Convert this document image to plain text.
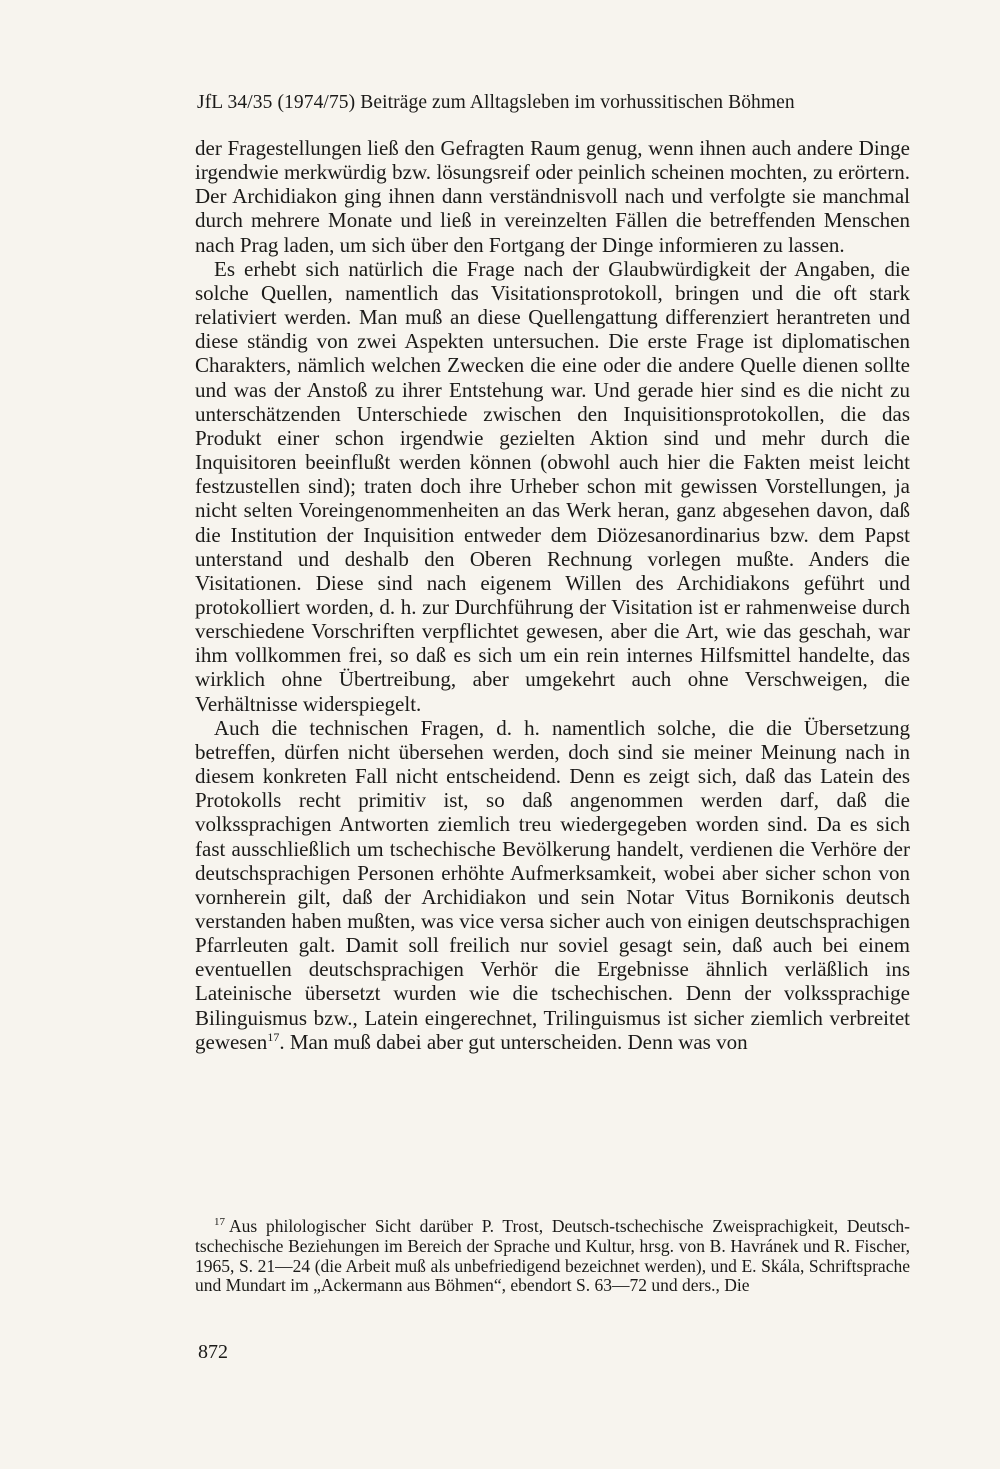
JfL 34/35 (1974/75) Beiträge zum Alltagsleben im vorhussitischen Böhmen

der Fragestellungen ließ den Gefragten Raum genug, wenn ihnen auch andere Dinge irgendwie merkwürdig bzw. lösungsreif oder peinlich scheinen mochten, zu erörtern. Der Archidiakon ging ihnen dann verständnisvoll nach und verfolgte sie manchmal durch mehrere Monate und ließ in vereinzelten Fällen die betreffenden Menschen nach Prag laden, um sich über den Fortgang der Dinge informieren zu lassen.

Es erhebt sich natürlich die Frage nach der Glaubwürdigkeit der Angaben, die solche Quellen, namentlich das Visitationsprotokoll, bringen und die oft stark relativiert werden. Man muß an diese Quellengattung differenziert herantreten und diese ständig von zwei Aspekten untersuchen. Die erste Frage ist diplomatischen Charakters, nämlich welchen Zwecken die eine oder die andere Quelle dienen sollte und was der Anstoß zu ihrer Entstehung war. Und gerade hier sind es die nicht zu unterschätzenden Unterschiede zwischen den Inquisitionsprotokollen, die das Produkt einer schon irgendwie gezielten Aktion sind und mehr durch die Inquisitoren beeinflußt werden können (obwohl auch hier die Fakten meist leicht festzustellen sind); traten doch ihre Urheber schon mit gewissen Vorstellungen, ja nicht selten Voreingenommenheiten an das Werk heran, ganz abgesehen davon, daß die Institution der Inquisition entweder dem Diözesanordinarius bzw. dem Papst unterstand und deshalb den Oberen Rechnung vorlegen mußte. Anders die Visitationen. Diese sind nach eigenem Willen des Archidiakons geführt und protokolliert worden, d. h. zur Durchführung der Visitation ist er rahmenweise durch verschiedene Vorschriften verpflichtet gewesen, aber die Art, wie das geschah, war ihm vollkommen frei, so daß es sich um ein rein internes Hilfsmittel handelte, das wirklich ohne Übertreibung, aber umgekehrt auch ohne Verschweigen, die Verhältnisse widerspiegelt.

Auch die technischen Fragen, d. h. namentlich solche, die die Übersetzung betreffen, dürfen nicht übersehen werden, doch sind sie meiner Meinung nach in diesem konkreten Fall nicht entscheidend. Denn es zeigt sich, daß das Latein des Protokolls recht primitiv ist, so daß angenommen werden darf, daß die volkssprachigen Antworten ziemlich treu wiedergegeben worden sind. Da es sich fast ausschließlich um tschechische Bevölkerung handelt, verdienen die Verhöre der deutschsprachigen Personen erhöhte Aufmerksamkeit, wobei aber sicher schon von vornherein gilt, daß der Archidiakon und sein Notar Vitus Bornikonis deutsch verstanden haben mußten, was vice versa sicher auch von einigen deutschsprachigen Pfarrleuten galt. Damit soll freilich nur soviel gesagt sein, daß auch bei einem eventuellen deutschsprachigen Verhör die Ergebnisse ähnlich verläßlich ins Lateinische übersetzt wurden wie die tschechischen. Denn der volkssprachige Bilinguismus bzw., Latein eingerechnet, Trilinguismus ist sicher ziemlich verbreitet gewesen$^{17}$. Man muß dabei aber gut unterscheiden. Denn was von

$^{17}$ Aus philologischer Sicht darüber P. Trost, Deutsch-tschechische Zweisprachigkeit, Deutsch-tschechische Beziehungen im Bereich der Sprache und Kultur, hrsg. von B. Havránek und R. Fischer, 1965, S. 21—24 (die Arbeit muß als unbefriedigend bezeichnet werden), und E. Skála, Schriftsprache und Mundart im „Ackermann aus Böhmen“, ebendort S. 63—72 und ders., Die
872
